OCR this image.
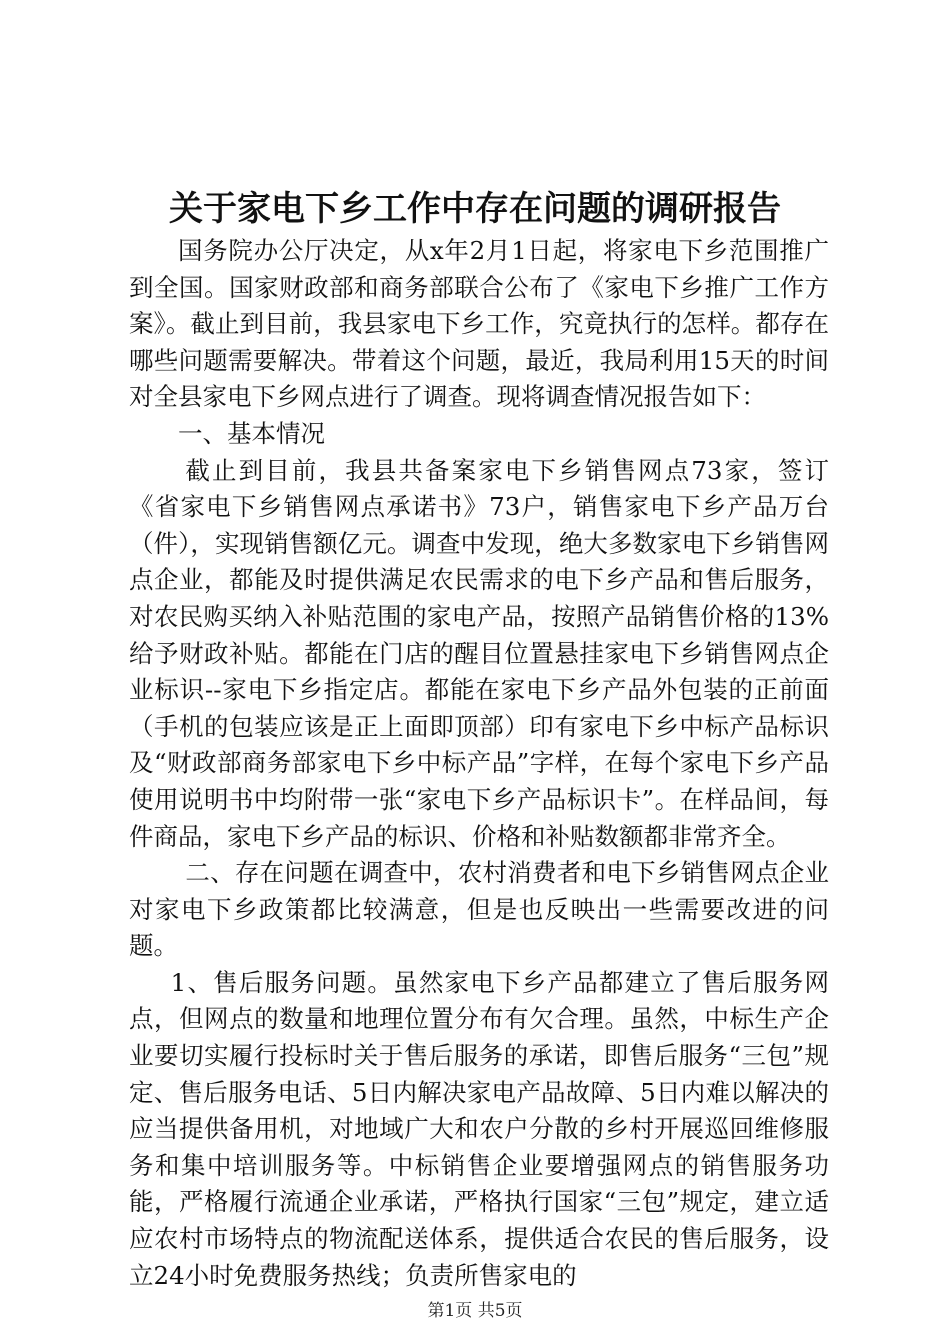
关于家电下乡工作中存在问题的调研报告

国务院办公厅决定，从x年2月1日起，将家电下乡范围推广到全国。国家财政部和商务部联合公布了《家电下乡推广工作方案》。截止到目前，我县家电下乡工作，究竟执行的怎样。都存在哪些问题需要解决。带着这个问题，最近，我局利用15天的时间对全县家电下乡网点进行了调查。现将调查情况报告如下：

一、基本情况

截止到目前，我县共备案家电下乡销售网点73家，签订《省家电下乡销售网点承诺书》73户，销售家电下乡产品万台（件），实现销售额亿元。调查中发现，绝大多数家电下乡销售网点企业，都能及时提供满足农民需求的电下乡产品和售后服务，对农民购买纳入补贴范围的家电产品，按照产品销售价格的13%给予财政补贴。都能在门店的醒目位置悬挂家电下乡销售网点企业标识--家电下乡指定店。都能在家电下乡产品外包装的正前面（手机的包装应该是正上面即顶部）印有家电下乡中标产品标识及“财政部商务部家电下乡中标产品”字样，在每个家电下乡产品使用说明书中均附带一张“家电下乡产品标识卡”。在样品间，每件商品，家电下乡产品的标识、价格和补贴数额都非常齐全。

二、存在问题在调查中，农村消费者和电下乡销售网点企业对家电下乡政策都比较满意，但是也反映出一些需要改进的问题。

1、售后服务问题。虽然家电下乡产品都建立了售后服务网点，但网点的数量和地理位置分布有欠合理。虽然，中标生产企业要切实履行投标时关于售后服务的承诺，即售后服务“三包”规定、售后服务电话、5日内解决家电产品故障、5日内难以解决的应当提供备用机，对地域广大和农户分散的乡村开展巡回维修服务和集中培训服务等。中标销售企业要增强网点的销售服务功能，严格履行流通企业承诺，严格执行国家“三包”规定，建立适应农村市场特点的物流配送体系，提供适合农民的售后服务，设立24小时免费服务热线；负责所售家电的

第1页 共5页
